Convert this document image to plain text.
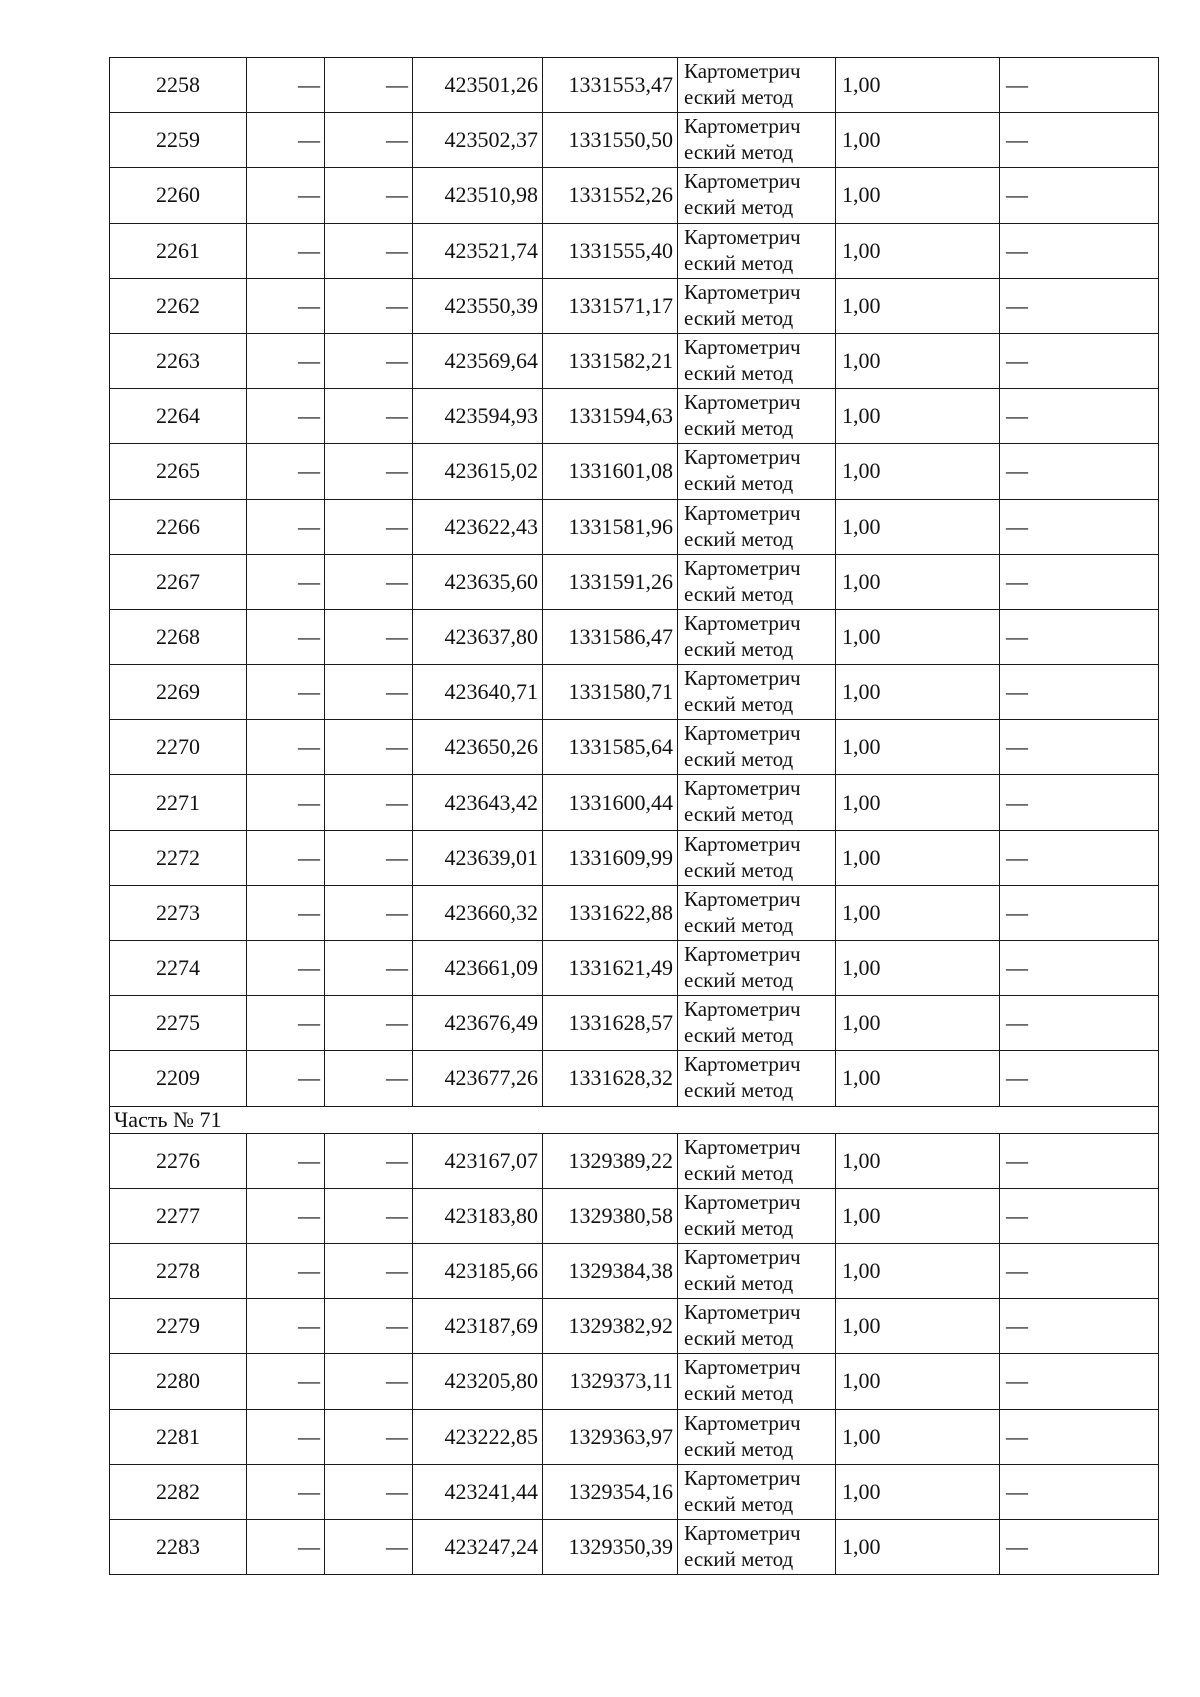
2258	—	—	423501,26	1331553,47	Картометрич
еский метод	1,00	—
2259	—	—	423502,37	1331550,50	Картометрич
еский метод	1,00	—
2260	—	—	423510,98	1331552,26	Картометрич
еский метод	1,00	—
2261	—	—	423521,74	1331555,40	Картометрич
еский метод	1,00	—
2262	—	—	423550,39	1331571,17	Картометрич
еский метод	1,00	—
2263	—	—	423569,64	1331582,21	Картометрич
еский метод	1,00	—
2264	—	—	423594,93	1331594,63	Картометрич
еский метод	1,00	—
2265	—	—	423615,02	1331601,08	Картометрич
еский метод	1,00	—
2266	—	—	423622,43	1331581,96	Картометрич
еский метод	1,00	—
2267	—	—	423635,60	1331591,26	Картометрич
еский метод	1,00	—
2268	—	—	423637,80	1331586,47	Картометрич
еский метод	1,00	—
2269	—	—	423640,71	1331580,71	Картометрич
еский метод	1,00	—
2270	—	—	423650,26	1331585,64	Картометрич
еский метод	1,00	—
2271	—	—	423643,42	1331600,44	Картометрич
еский метод	1,00	—
2272	—	—	423639,01	1331609,99	Картометрич
еский метод	1,00	—
2273	—	—	423660,32	1331622,88	Картометрич
еский метод	1,00	—
2274	—	—	423661,09	1331621,49	Картометрич
еский метод	1,00	—
2275	—	—	423676,49	1331628,57	Картометрич
еский метод	1,00	—
2209	—	—	423677,26	1331628,32	Картометрич
еский метод	1,00	—
Часть № 71							
2276	—	—	423167,07	1329389,22	Картометрич
еский метод	1,00	—
2277	—	—	423183,80	1329380,58	Картометрич
еский метод	1,00	—
2278	—	—	423185,66	1329384,38	Картометрич
еский метод	1,00	—
2279	—	—	423187,69	1329382,92	Картометрич
еский метод	1,00	—
2280	—	—	423205,80	1329373,11	Картометрич
еский метод	1,00	—
2281	—	—	423222,85	1329363,97	Картометрич
еский метод	1,00	—
2282	—	—	423241,44	1329354,16	Картометрич
еский метод	1,00	—
2283	—	—	423247,24	1329350,39	Картометрич
еский метод	1,00	—
